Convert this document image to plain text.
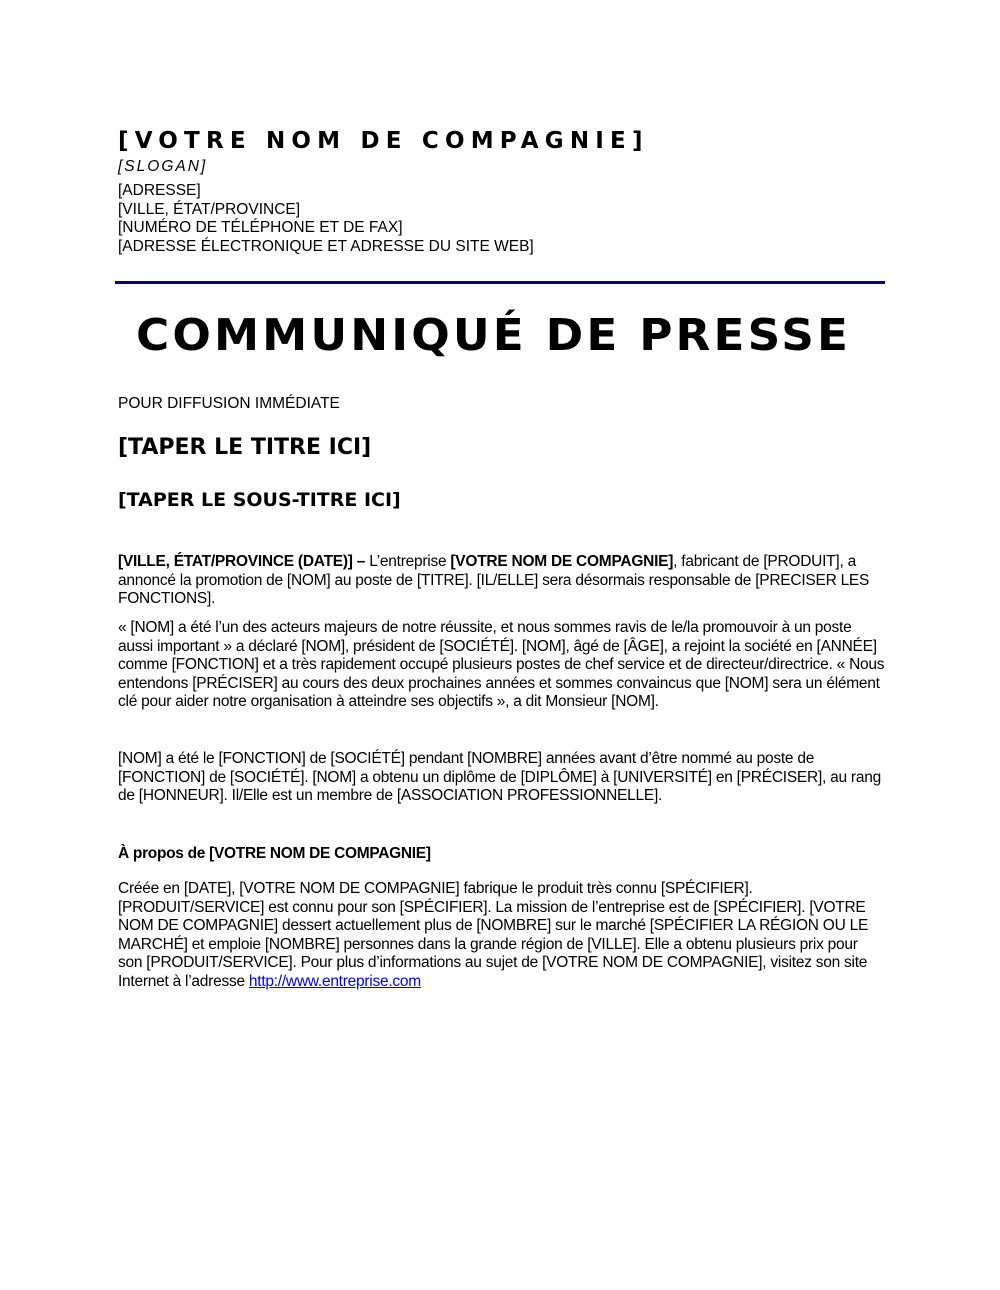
[VOTRE NOM DE COMPAGNIE]
[SLOGAN]
[ADRESSE]
[VILLE, ÉTAT/PROVINCE]
[NUMÉRO DE TÉLÉPHONE ET DE FAX]
[ADRESSE ÉLECTRONIQUE ET ADRESSE DU SITE WEB]
COMMUNIQUÉ DE PRESSE
POUR DIFFUSION IMMÉDIATE
[TAPER LE TITRE ICI]
[TAPER LE SOUS-TITRE ICI]
[VILLE, ÉTAT/PROVINCE (DATE)] – L’entreprise [VOTRE NOM DE COMPAGNIE], fabricant de [PRODUIT], a annoncé la promotion de [NOM] au poste de [TITRE]. [IL/ELLE] sera désormais responsable de [PRECISER LES FONCTIONS].
« [NOM] a été l’un des acteurs majeurs de notre réussite, et nous sommes ravis de le/la promouvoir à un poste aussi important » a déclaré [NOM], président de [SOCIÉTÉ]. [NOM], âgé de [ÂGE], a rejoint la société en [ANNÉE] comme [FONCTION] et a très rapidement occupé plusieurs postes de chef service et de directeur/directrice. « Nous entendons [PRÉCISER] au cours des deux prochaines années et sommes convaincus que [NOM] sera un élément clé pour aider notre organisation à atteindre ses objectifs », a dit Monsieur [NOM].
[NOM] a été le [FONCTION] de [SOCIÉTÉ] pendant [NOMBRE] années avant d’être nommé au poste de [FONCTION] de [SOCIÉTÉ]. [NOM] a obtenu un diplôme de [DIPLÔME] à [UNIVERSITÉ] en [PRÉCISER], au rang de [HONNEUR]. Il/Elle est un membre de [ASSOCIATION PROFESSIONNELLE].
À propos de [VOTRE NOM DE COMPAGNIE]
Créée en [DATE], [VOTRE NOM DE COMPAGNIE] fabrique le produit très connu [SPÉCIFIER]. [PRODUIT/SERVICE] est connu pour son [SPÉCIFIER]. La mission de l’entreprise est de [SPÉCIFIER]. [VOTRE NOM DE COMPAGNIE] dessert actuellement plus de [NOMBRE] sur le marché [SPÉCIFIER LA RÉGION OU LE MARCHÉ] et emploie [NOMBRE] personnes dans la grande région de [VILLE]. Elle a obtenu plusieurs prix pour son [PRODUIT/SERVICE]. Pour plus d’informations au sujet de [VOTRE NOM DE COMPAGNIE], visitez son site Internet à l’adresse http://www.entreprise.com
